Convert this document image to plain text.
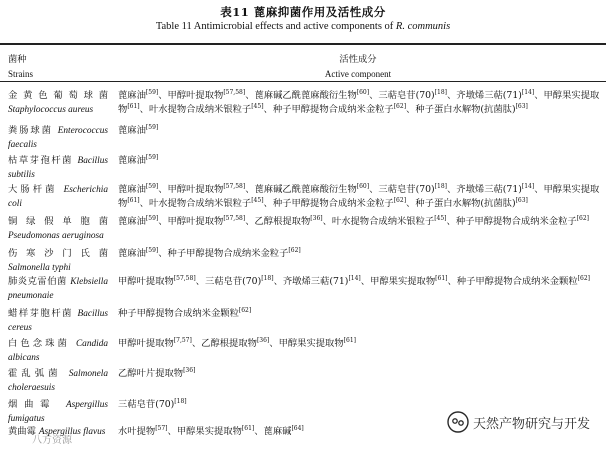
表11 蓖麻抑菌作用及活性成分
Table 11 Antimicrobial effects and active components of R. communis
菌种
Strains
活性成分
Active component
金黄色葡萄球菌 Staphylococcus aureus
蓖麻油[59]、甲醇叶提取物[57,58]、蓖麻碱乙酰蓖麻酸衍生物[60]、三萜皂苷(70)[18]、齐墩烯三萜(71)[14]、甲醇果实提取物[61]、叶水提物合成纳米银粒子[45]、种子甲醇提物合成纳米金粒子[62]、种子蛋白水解物(抗菌肽)[63]
粪肠球菌 Enterococcus faecalis
蓖麻油[59]
枯草芽孢杆菌 Bacillus subtilis
蓖麻油[59]
大肠杆菌 Escherichia coli
蓖麻油[59]、甲醇叶提取物[57,58]、蓖麻碱乙酰蓖麻酸衍生物[60]、三萜皂苷(70)[18]、齐墩烯三萜(71)[14]、甲醇果实提取物[61]、叶水提物合成纳米银粒子[45]、种子甲醇提物合成纳米金粒子[62]、种子蛋白水解物(抗菌肽)[63]
铜绿假单胞菌 Pseudomonas aeruginosa
蓖麻油[59]、甲醇叶提取物[57,58]、乙醇根提取物[36]、叶水提物合成纳米银粒子[45]、种子甲醇提物合成纳米金粒子[62]
伤寒沙门氏菌 Salmonella typhi
蓖麻油[59]、种子甲醇提物合成纳米金粒子[62]
肺炎克雷伯菌 Klebsiella pneumonaie
甲醇叶提取物[57,58]、三萜皂苷(70)[18]、齐墩烯三萜(71)[14]、甲醇果实提取物[61]、种子甲醇提物合成纳米金颗粒[62]
蜡样芽胞杆菌 Bacillus cereus
种子甲醇提物合成纳米金颗粒[62]
白色念珠菌 Candida albicans
甲醇叶提取物[7,57]、乙醇根提取物[36]、甲醇果实提取物[61]
霍乱弧菌 Salmonela choleraesuis
乙醇叶片提取物[36]
烟曲霉 Aspergillus fumigatus
三萜皂苷(70)[18]
黄曲霉 Aspergillus flavus 水叶提物[57]、甲醇果实提取物[61]、蓖麻碱[64]	天然产物研究与开发
八方资源
